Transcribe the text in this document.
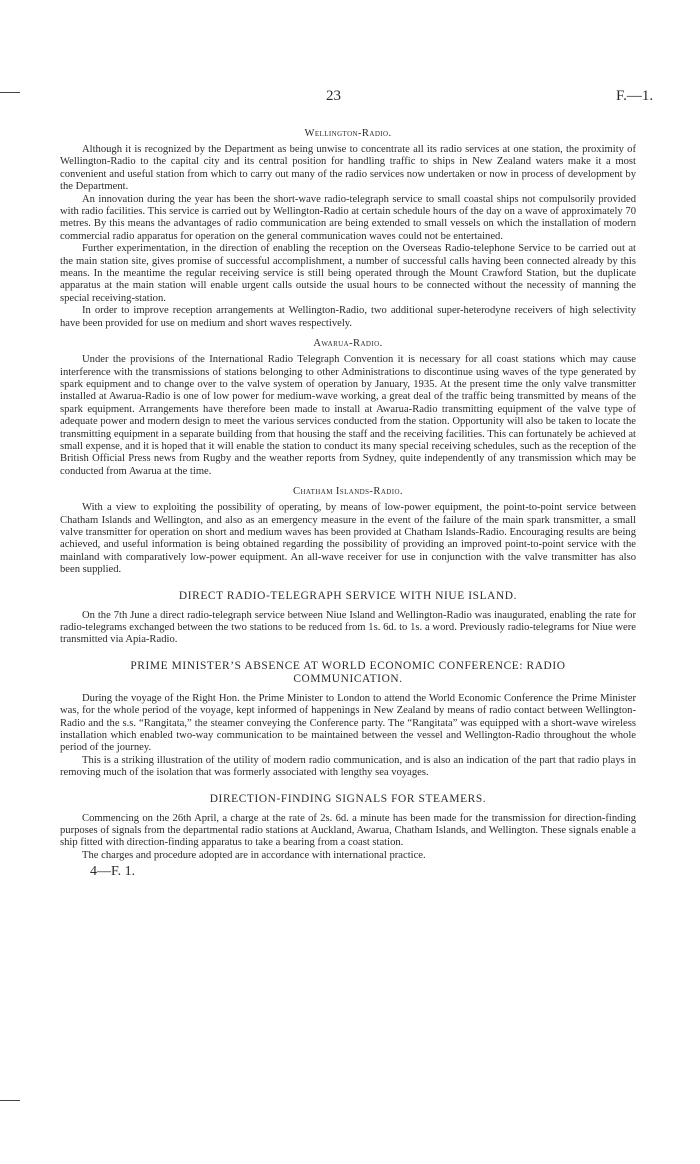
23	F.—1.
Wellington-Radio.

Although it is recognized by the Department as being unwise to concentrate all its radio services at one station, the proximity of Wellington-Radio to the capital city and its central position for handling traffic to ships in New Zealand waters make it a most convenient and useful station from which to carry out many of the radio services now undertaken or now in process of development by the Department.

An innovation during the year has been the short-wave radio-telegraph service to small coastal ships not compulsorily provided with radio facilities. This service is carried out by Wellington-Radio at certain schedule hours of the day on a wave of approximately 70 metres. By this means the advantages of radio communication are being extended to small vessels on which the installation of modern commercial radio apparatus for operation on the general communication waves could not be entertained.

Further experimentation, in the direction of enabling the reception on the Overseas Radio-telephone Service to be carried out at the main station site, gives promise of successful accomplishment, a number of successful calls having been connected already by this means. In the meantime the regular receiving service is still being operated through the Mount Crawford Station, but the duplicate apparatus at the main station will enable urgent calls outside the usual hours to be connected without the necessity of manning the special receiving-station.

In order to improve reception arrangements at Wellington-Radio, two additional super-heterodyne receivers of high selectivity have been provided for use on medium and short waves respectively.

Awarua-Radio.

Under the provisions of the International Radio Telegraph Convention it is necessary for all coast stations which may cause interference with the transmissions of stations belonging to other Administrations to discontinue using waves of the type generated by spark equipment and to change over to the valve system of operation by January, 1935. At the present time the only valve transmitter installed at Awarua-Radio is one of low power for medium-wave working, a great deal of the traffic being transmitted by means of the spark equipment. Arrangements have therefore been made to install at Awarua-Radio transmitting equipment of the valve type of adequate power and modern design to meet the various services conducted from the station. Opportunity will also be taken to locate the transmitting equipment in a separate building from that housing the staff and the receiving facilities. This can fortunately be achieved at small expense, and it is hoped that it will enable the station to conduct its many special receiving schedules, such as the reception of the British Official Press news from Rugby and the weather reports from Sydney, quite independently of any transmission which may be conducted from Awarua at the time.

Chatham Islands-Radio.

With a view to exploiting the possibility of operating, by means of low-power equipment, the point-to-point service between Chatham Islands and Wellington, and also as an emergency measure in the event of the failure of the main spark transmitter, a small valve transmitter for operation on short and medium waves has been provided at Chatham Islands-Radio. Encouraging results are being achieved, and useful information is being obtained regarding the possibility of providing an improved point-to-point service with the mainland with comparatively low-power equipment. An all-wave receiver for use in conjunction with the valve transmitter has also been supplied.

DIRECT RADIO-TELEGRAPH SERVICE WITH NIUE ISLAND.

On the 7th June a direct radio-telegraph service between Niue Island and Wellington-Radio was inaugurated, enabling the rate for radio-telegrams exchanged between the two stations to be reduced from 1s. 6d. to 1s. a word. Previously radio-telegrams for Niue were transmitted via Apia-Radio.

PRIME MINISTER’S ABSENCE AT WORLD ECONOMIC CONFERENCE: RADIO COMMUNICATION.

During the voyage of the Right Hon. the Prime Minister to London to attend the World Economic Conference the Prime Minister was, for the whole period of the voyage, kept informed of happenings in New Zealand by means of radio contact between Wellington-Radio and the s.s. “Rangitata,” the steamer conveying the Conference party. The “Rangitata” was equipped with a short-wave wireless installation which enabled two-way communication to be maintained between the vessel and Wellington-Radio throughout the whole period of the journey.

This is a striking illustration of the utility of modern radio communication, and is also an indication of the part that radio plays in removing much of the isolation that was formerly associated with lengthy sea voyages.

DIRECTION-FINDING SIGNALS FOR STEAMERS.

Commencing on the 26th April, a charge at the rate of 2s. 6d. a minute has been made for the transmission for direction-finding purposes of signals from the departmental radio stations at Auckland, Awarua, Chatham Islands, and Wellington. These signals enable a ship fitted with direction-finding apparatus to take a bearing from a coast station.

The charges and procedure adopted are in accordance with international practice.

4—F. 1.
